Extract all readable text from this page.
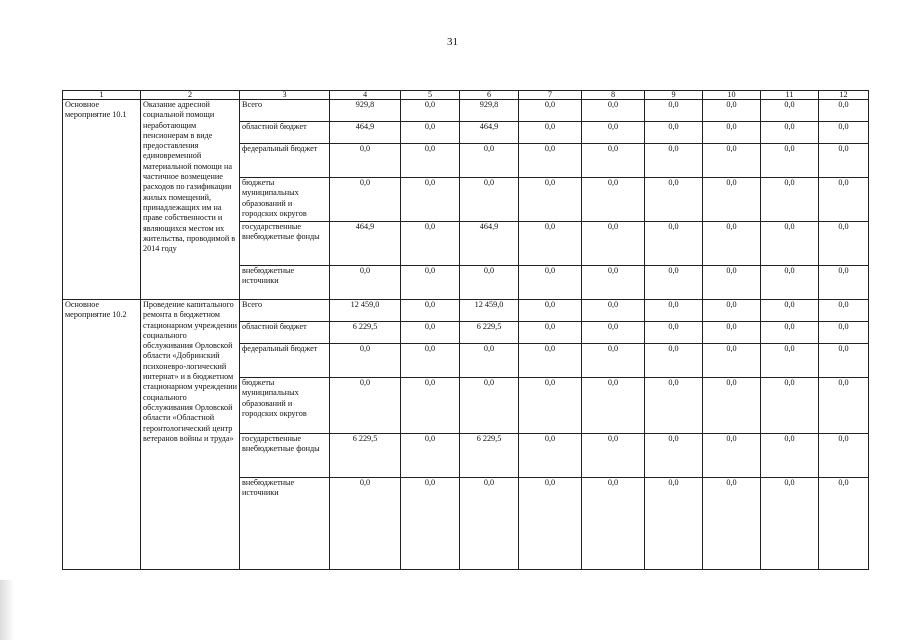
31
1	2	3	4	5	6	7	8	9	10	11	12
Основное мероприятие 10.1	Оказание адресной социальной помощи неработающим пенсионерам в виде предоставления единовременной материальной помощи на частичное возмещение расходов по газификации жилых помещений, принадлежащих им на праве собственности и являющихся местом их жительства, проводимой в 2014 году	Всего	929,8	0,0	929,8	0,0	0,0	0,0	0,0	0,0	0,0
		областной бюджет	464,9	0,0	464,9	0,0	0,0	0,0	0,0	0,0	0,0
		федеральный бюджет	0,0	0,0	0,0	0,0	0,0	0,0	0,0	0,0	0,0
		бюджеты муниципальных образований и городских округов	0,0	0,0	0,0	0,0	0,0	0,0	0,0	0,0	0,0
		государственные внебюджетные фонды	464,9	0,0	464,9	0,0	0,0	0,0	0,0	0,0	0,0
		внебюджетные источники	0,0	0,0	0,0	0,0	0,0	0,0	0,0	0,0	0,0
Основное мероприятие 10.2	Проведение капитального ремонта в бюджетном стационарном учреждении социального обслуживания Орловской области «Добринский психоневро-логический интернат» и в бюджетном стационарном учреждении социального обслуживания Орловской области «Областной геронтологический центр ветеранов войны и труда»	Всего	12 459,0	0,0	12 459,0	0,0	0,0	0,0	0,0	0,0	0,0
		областной бюджет	6 229,5	0,0	6 229,5	0,0	0,0	0,0	0,0	0,0	0,0
		федеральный бюджет	0,0	0,0	0,0	0,0	0,0	0,0	0,0	0,0	0,0
		бюджеты муниципальных образований и городских округов	0,0	0,0	0,0	0,0	0,0	0,0	0,0	0,0	0,0
		государственные внебюджетные фонды	6 229,5	0,0	6 229,5	0,0	0,0	0,0	0,0	0,0	0,0
		внебюджетные источники	0,0	0,0	0,0	0,0	0,0	0,0	0,0	0,0	0,0
